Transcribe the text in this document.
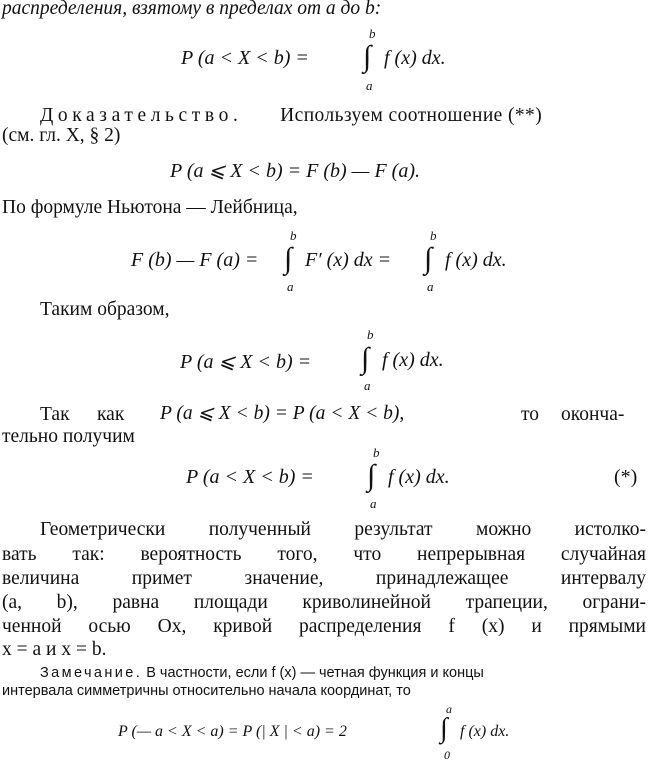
распределения, взятому в пределах от a до b:
P (a < X < b) = ∫
b
a
f (x) dx.
Доказательство. Используем соотношение (**)
(см. гл. X, § 2)
P (a ⩽ X < b) = F (b) — F (a).
По формуле Ньютона — Лейбница,
F (b) — F (a) = ∫
b
a
F′ (x) dx = ∫
b
a
f (x) dx.
Таким образом,
P (a ⩽ X < b) = ∫
b
a
f (x) dx.
Так как P (a ⩽ X < b) = P (a < X < b),	то оконча-
тельно получим
P (a < X < b) = ∫
b
a
f (x) dx.	(*)
Геометрически полученный результат можно истолко-
вать так: вероятность того, что непрерывная случайная
величина примет значение, принадлежащее интервалу
(a, b), равна площади криволинейной трапеции, ограни-
ченной осью Ox, кривой распределения f (x) и прямыми
x = a и x = b.
Замечание. В частности, если f (x) — четная функция и концы
интервала симметричны относительно начала координат, то
P (— a < X < a) = P (| X | < a) = 2	∫
a
0
f (x) dx.
